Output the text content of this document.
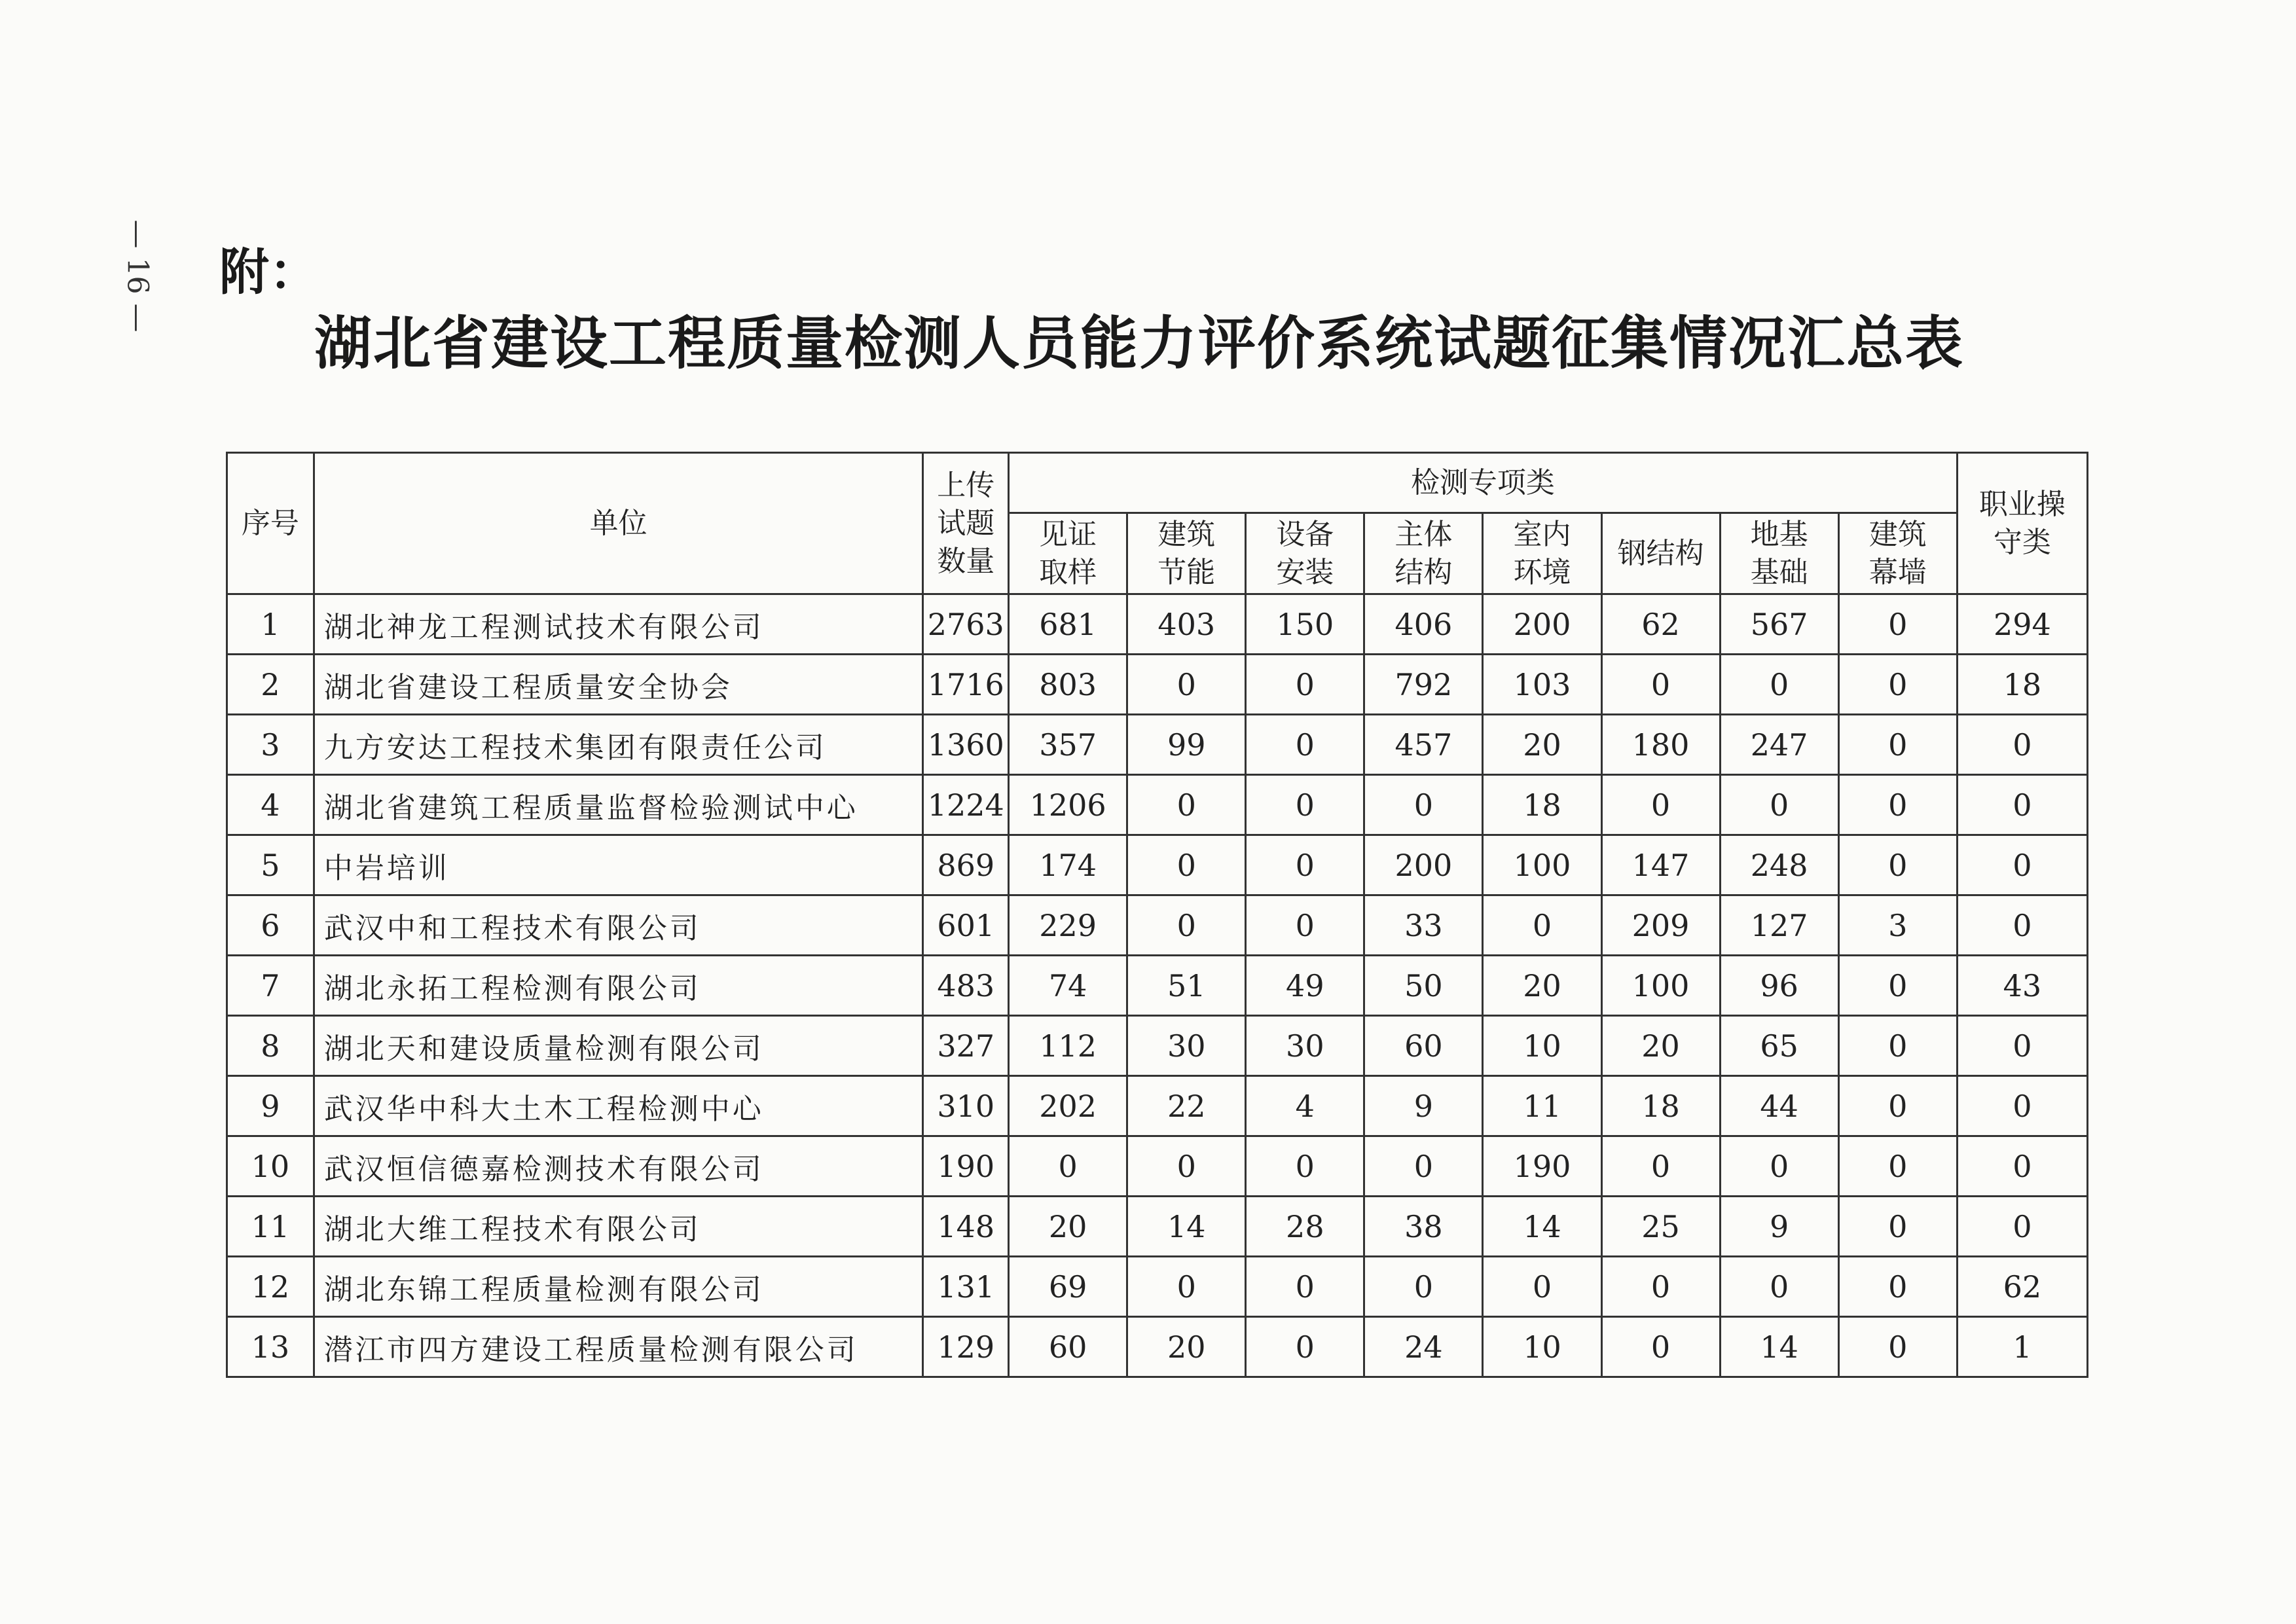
— 16 — 附：
湖北省建设工程质量检测人员能力评价系统试题征集情况汇总表
序号	单位	上传试题数量	检测专项类								职业操守类
			见证取样	建筑节能	设备安装	主体结构	室内环境	钢结构	地基基础	建筑幕墙	
1	湖北神龙工程测试技术有限公司	2763	681	403	150	406	200	62	567	0	294
2	湖北省建设工程质量安全协会	1716	803	0	0	792	103	0	0	0	18
3	九方安达工程技术集团有限责任公司	1360	357	99	0	457	20	180	247	0	0
4	湖北省建筑工程质量监督检验测试中心	1224	1206	0	0	0	18	0	0	0	0
5	中岩培训	869	174	0	0	200	100	147	248	0	0
6	武汉中和工程技术有限公司	601	229	0	0	33	0	209	127	3	0
7	湖北永拓工程检测有限公司	483	74	51	49	50	20	100	96	0	43
8	湖北天和建设质量检测有限公司	327	112	30	30	60	10	20	65	0	0
9	武汉华中科大土木工程检测中心	310	202	22	4	9	11	18	44	0	0
10	武汉恒信德嘉检测技术有限公司	190	0	0	0	0	190	0	0	0	0
11	湖北大维工程技术有限公司	148	20	14	28	38	14	25	9	0	0
12	湖北东锦工程质量检测有限公司	131	69	0	0	0	0	0	0	0	62
13	潜江市四方建设工程质量检测有限公司	129	60	20	0	24	10	0	14	0	1
